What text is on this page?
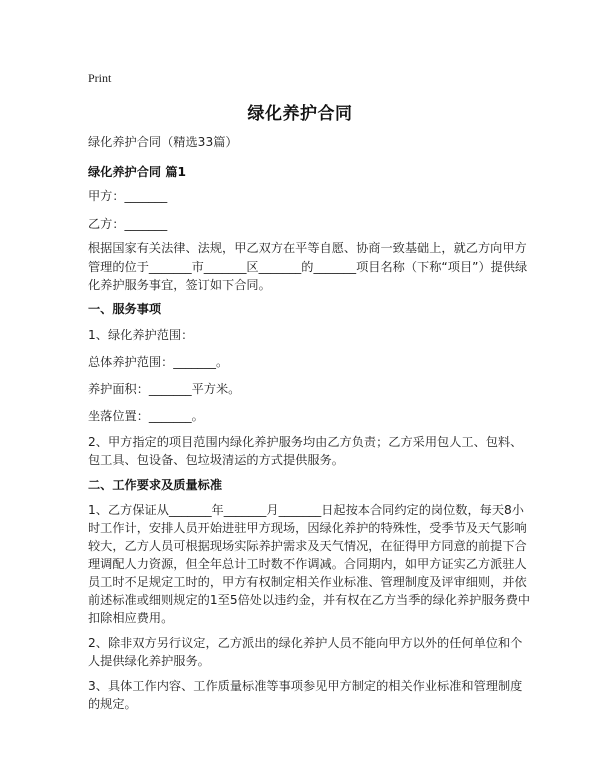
Print
绿化养护合同
绿化养护合同（精选33篇）
绿化养护合同 篇1
甲方：_______
乙方：_______
根据国家有关法律、法规，甲乙双方在平等自愿、协商一致基础上，就乙方向甲方
管理的位于_______市_______区_______的_______项目名称（下称“项目”）提供绿
化养护服务事宜，签订如下合同。
一、服务事项
1、绿化养护范围：
总体养护范围：_______。
养护面积：_______平方米。
坐落位置：_______。
2、甲方指定的项目范围内绿化养护服务均由乙方负责；乙方采用包人工、包料、
包工具、包设备、包垃圾清运的方式提供服务。
二、工作要求及质量标准
1、乙方保证从_______年_______月_______日起按本合同约定的岗位数，每天8小
时工作计，安排人员开始进驻甲方现场，因绿化养护的特殊性，受季节及天气影响
较大，乙方人员可根据现场实际养护需求及天气情况，在征得甲方同意的前提下合
理调配人力资源，但全年总计工时数不作调减。合同期内，如甲方证实乙方派驻人
员工时不足规定工时的，甲方有权制定相关作业标准、管理制度及评审细则，并依
前述标准或细则规定的1至5倍处以违约金，并有权在乙方当季的绿化养护服务费中
扣除相应费用。
2、除非双方另行议定，乙方派出的绿化养护人员不能向甲方以外的任何单位和个
人提供绿化养护服务。
3、具体工作内容、工作质量标准等事项参见甲方制定的相关作业标准和管理制度
的规定。
